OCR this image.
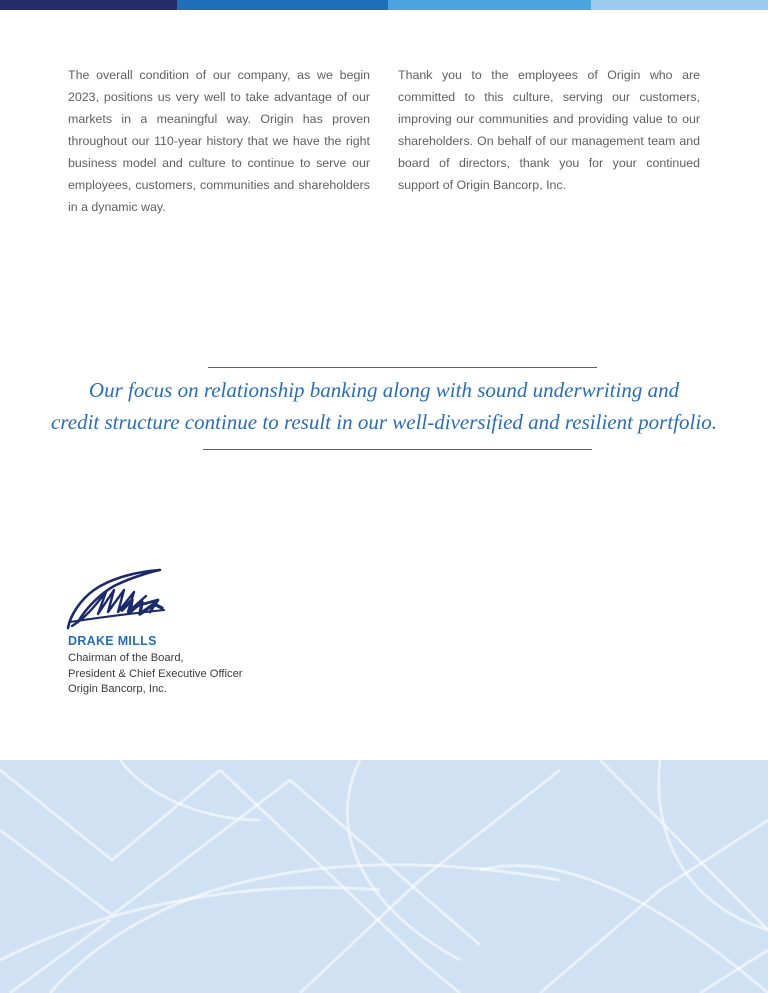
The overall condition of our company, as we begin 2023, positions us very well to take advantage of our markets in a meaningful way. Origin has proven throughout our 110-year history that we have the right business model and culture to continue to serve our employees, customers, communities and shareholders in a dynamic way.

Thank you to the employees of Origin who are committed to this culture, serving our customers, improving our communities and providing value to our shareholders. On behalf of our management team and board of directors, thank you for your continued support of Origin Bancorp, Inc.

Our focus on relationship banking along with sound underwriting and
credit structure continue to result in our well-diversified and resilient portfolio.
DRAKE MILLS
Chairman of the Board,
President & Chief Executive Officer
Origin Bancorp, Inc.
